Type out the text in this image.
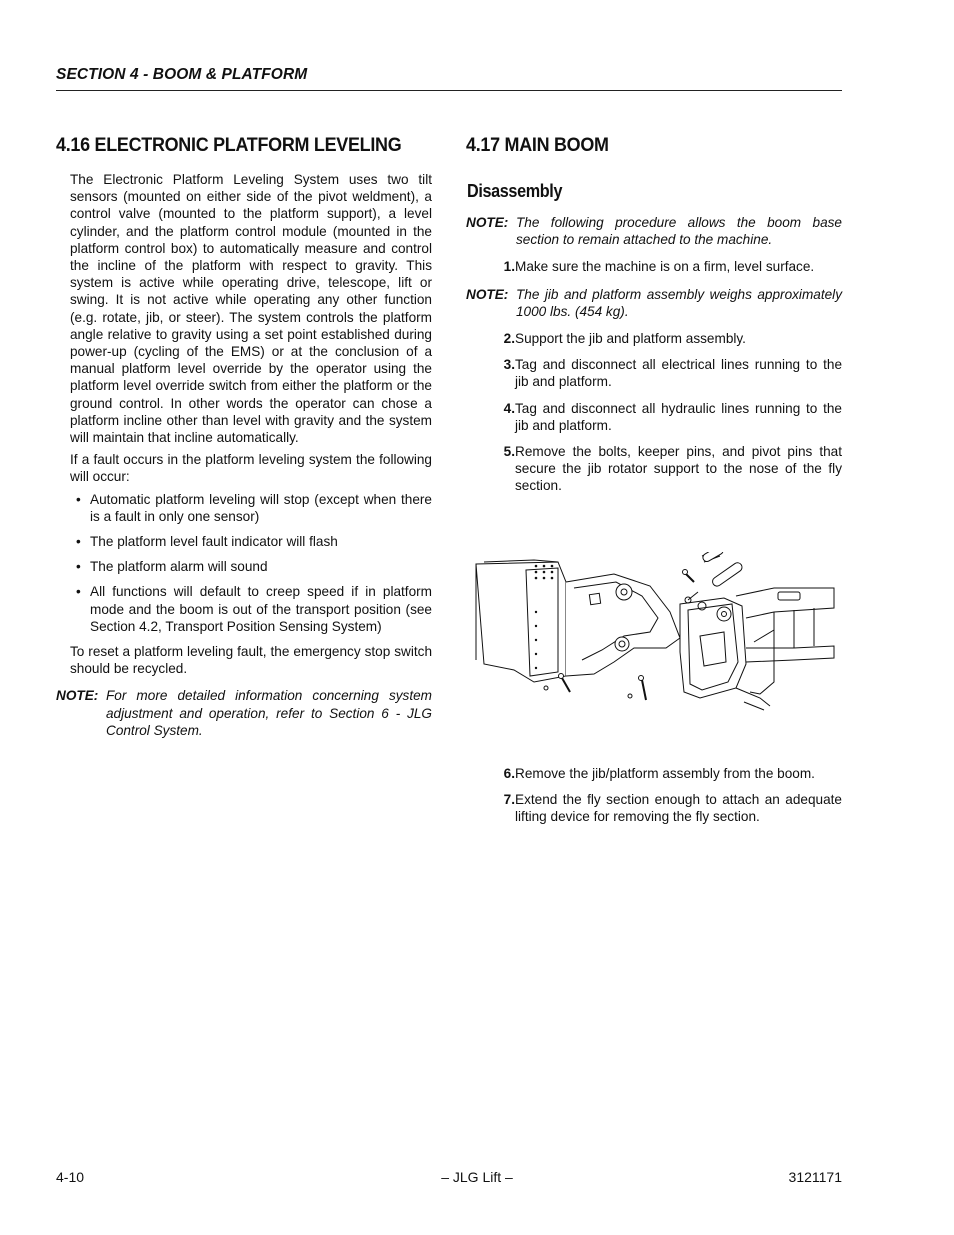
SECTION 4 - BOOM & PLATFORM
4.16 ELECTRONIC PLATFORM LEVELING

The Electronic Platform Leveling System uses two tilt sensors (mounted on either side of the pivot weldment), a control valve (mounted to the platform support), a level cylinder, and the platform control module (mounted in the platform control box) to automatically measure and control the incline of the platform with respect to gravity. This system is active while operating drive, telescope, lift or swing. It is not active while operating any other function (e.g. rotate, jib, or steer). The system controls the platform angle relative to gravity using a set point established during power-up (cycling of the EMS) or at the conclusion of a manual platform level override by the operator using the platform level override switch from either the platform or the ground control. In other words the operator can chose a platform incline other than level with gravity and the system will maintain that incline automatically.

If a fault occurs in the platform leveling system the following will occur:

• Automatic platform leveling will stop (except when there is a fault in only one sensor)
• The platform level fault indicator will flash
• The platform alarm will sound
• All functions will default to creep speed if in platform mode and the boom is out of the transport position (see Section 4.2, Transport Position Sensing System)

To reset a platform leveling fault, the emergency stop switch should be recycled.

NOTE: For more detailed information concerning system adjustment and operation, refer to Section 6 - JLG Control System.
4.17 MAIN BOOM
Disassembly
NOTE: The following procedure allows the boom base section to remain attached to the machine.
1. Make sure the machine is on a firm, level surface.
NOTE: The jib and platform assembly weighs approximately 1000 lbs. (454 kg).
2. Support the jib and platform assembly.
3. Tag and disconnect all electrical lines running to the jib and platform.
4. Tag and disconnect all hydraulic lines running to the jib and platform.
5. Remove the bolts, keeper pins, and pivot pins that secure the jib rotator support to the nose of the fly section.
6. Remove the jib/platform assembly from the boom.
7. Extend the fly section enough to attach an adequate lifting device for removing the fly section.
4-10	– JLG Lift –	3121171
